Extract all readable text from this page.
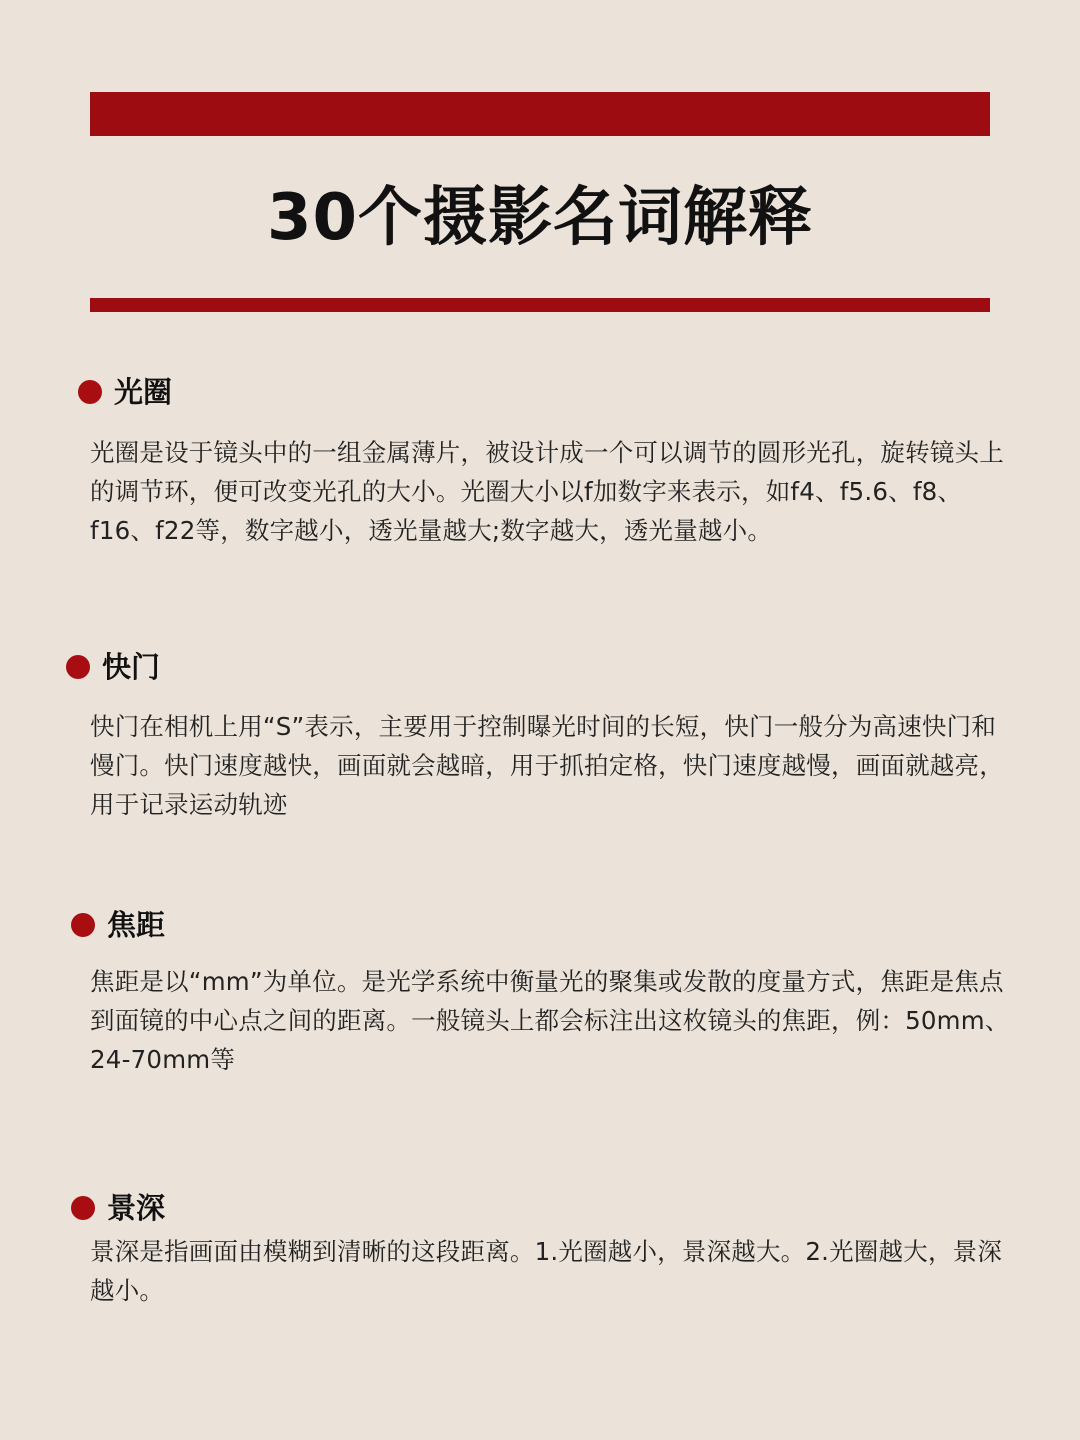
30个摄影名词解释
光圈

光圈是设于镜头中的一组金属薄片，被设计成一个可以调节的圆形光孔，旋转镜头上的调节环，便可改变光孔的大小。光圈大小以f加数字来表示，如f4、f5.6、f8、f16、f22等，数字越小，透光量越大;数字越大，透光量越小。

快门

快门在相机上用“S”表示，主要用于控制曝光时间的长短，快门一般分为高速快门和慢门。快门速度越快，画面就会越暗，用于抓拍定格，快门速度越慢，画面就越亮，用于记录运动轨迹

焦距

焦距是以“mm”为单位。是光学系统中衡量光的聚集或发散的度量方式，焦距是焦点到面镜的中心点之间的距离。一般镜头上都会标注出这枚镜头的焦距，例：50mm、24-70mm等

景深

景深是指画面由模糊到清晰的这段距离。1.光圈越小，景深越大。2.光圈越大，景深越小。
